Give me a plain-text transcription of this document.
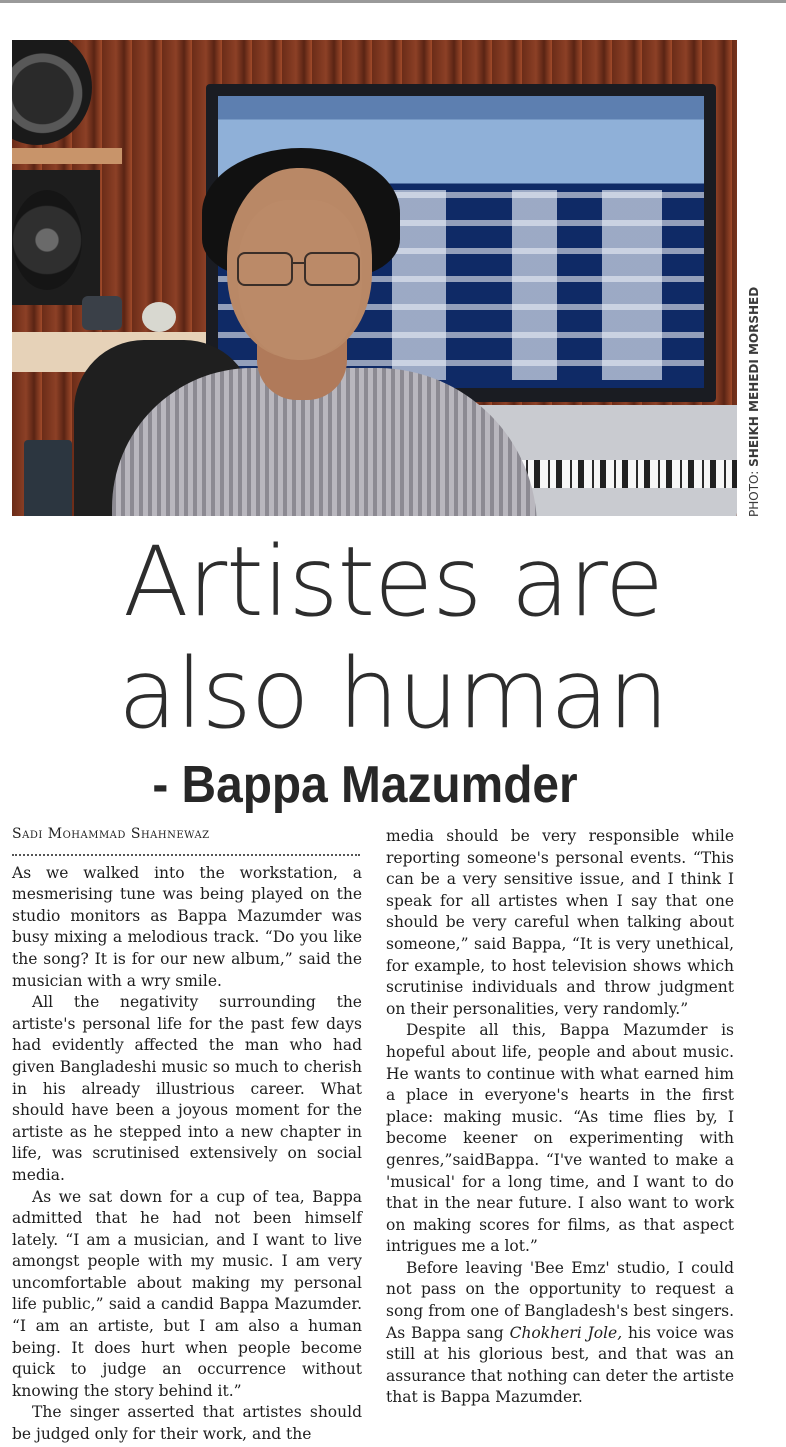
PHOTO: SHEIKH MEHEDI MORSHED
Artistes are
also human
- Bappa Mazumder
Sadi Mohammad Shahnewaz

As we walked into the workstation, a mesmerising tune was being played on the studio monitors as Bappa Mazumder was busy mixing a melodious track. “Do you like the song? It is for our new album,” said the musician with a wry smile.

All the negativity surrounding the artiste's personal life for the past few days had evidently affected the man who had given Bangladeshi music so much to cherish in his already illustrious career. What should have been a joyous moment for the artiste as he stepped into a new chapter in life, was scrutinised extensively on social media.

As we sat down for a cup of tea, Bappa admitted that he had not been himself lately. “I am a musician, and I want to live amongst people with my music. I am very uncomfortable about making my personal life public,” said a candid Bappa Mazumder. “I am an artiste, but I am also a human being. It does hurt when people become quick to judge an occurrence without knowing the story behind it.”

The singer asserted that artistes should be judged only for their work, and the

media should be very responsible while reporting someone's personal events. “This can be a very sensitive issue, and I think I speak for all artistes when I say that one should be very careful when talking about someone,” said Bappa, “It is very unethical, for example, to host television shows which scrutinise individuals and throw judgment on their personalities, very randomly.”

Despite all this, Bappa Mazumder is hopeful about life, people and about music. He wants to continue with what earned him a place in everyone's hearts in the first place: making music. “As time flies by, I become keener on experimenting with genres,”saidBappa. “I've wanted to make a 'musical' for a long time, and I want to do that in the near future. I also want to work on making scores for films, as that aspect intrigues me a lot.”

Before leaving 'Bee Emz' studio, I could not pass on the opportunity to request a song from one of Bangladesh's best singers. As Bappa sang Chokheri Jole, his voice was still at his glorious best, and that was an assurance that nothing can deter the artiste that is Bappa Mazumder.
